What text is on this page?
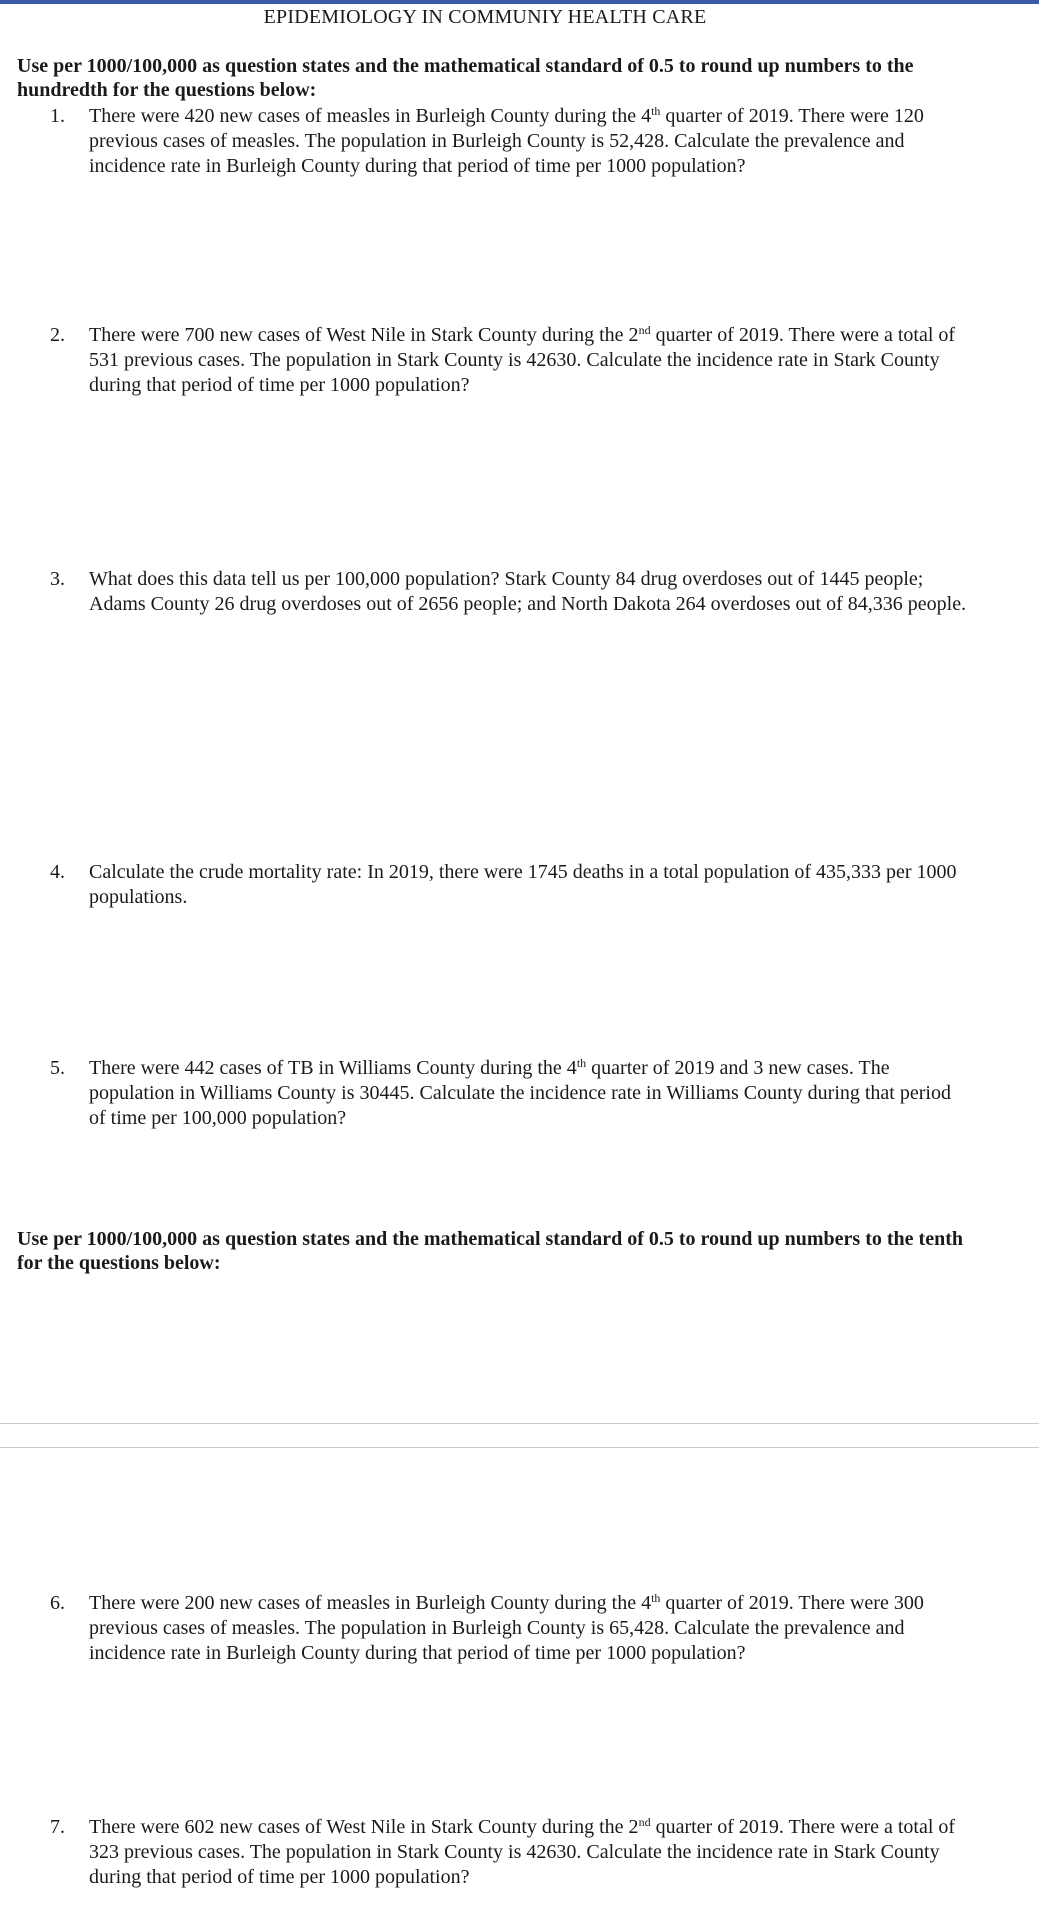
EPIDEMIOLOGY IN COMMUNIY HEALTH CARE
Use per 1000/100,000 as question states and the mathematical standard of 0.5 to round up numbers to the hundredth for the questions below:
1. There were 420 new cases of measles in Burleigh County during the 4th quarter of 2019. There were 120 previous cases of measles. The population in Burleigh County is 52,428. Calculate the prevalence and incidence rate in Burleigh County during that period of time per 1000 population?
2. There were 700 new cases of West Nile in Stark County during the 2nd quarter of 2019. There were a total of 531 previous cases. The population in Stark County is 42630. Calculate the incidence rate in Stark County during that period of time per 1000 population?
3. What does this data tell us per 100,000 population? Stark County 84 drug overdoses out of 1445 people; Adams County 26 drug overdoses out of 2656 people; and North Dakota 264 overdoses out of 84,336 people.
4. Calculate the crude mortality rate: In 2019, there were 1745 deaths in a total population of 435,333 per 1000 populations.
5. There were 442 cases of TB in Williams County during the 4th quarter of 2019 and 3 new cases. The population in Williams County is 30445. Calculate the incidence rate in Williams County during that period of time per 100,000 population?
Use per 1000/100,000 as question states and the mathematical standard of 0.5 to round up numbers to the tenth for the questions below:
6. There were 200 new cases of measles in Burleigh County during the 4th quarter of 2019. There were 300 previous cases of measles. The population in Burleigh County is 65,428. Calculate the prevalence and incidence rate in Burleigh County during that period of time per 1000 population?
7. There were 602 new cases of West Nile in Stark County during the 2nd quarter of 2019. There were a total of 323 previous cases. The population in Stark County is 42630. Calculate the incidence rate in Stark County during that period of time per 1000 population?
